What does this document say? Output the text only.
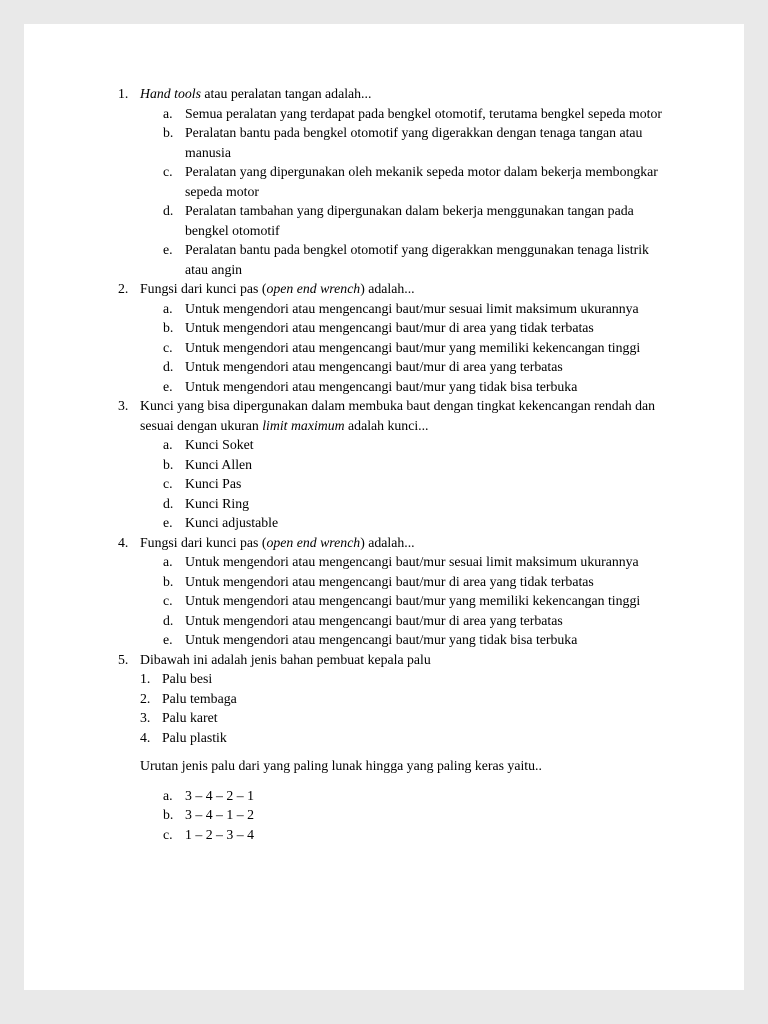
1. Hand tools atau peralatan tangan adalah...
a. Semua peralatan yang terdapat pada bengkel otomotif, terutama bengkel sepeda motor
b. Peralatan bantu pada bengkel otomotif yang digerakkan dengan tenaga tangan atau manusia
c. Peralatan yang dipergunakan oleh mekanik sepeda motor dalam bekerja membongkar sepeda motor
d. Peralatan tambahan yang dipergunakan dalam bekerja menggunakan tangan pada bengkel otomotif
e. Peralatan bantu pada bengkel otomotif yang digerakkan menggunakan tenaga listrik atau angin
2. Fungsi dari kunci pas (open end wrench) adalah...
a. Untuk mengendori atau mengencangi baut/mur sesuai limit maksimum ukurannya
b. Untuk mengendori atau mengencangi baut/mur di area yang tidak terbatas
c. Untuk mengendori atau mengencangi baut/mur yang memiliki kekencangan tinggi
d. Untuk mengendori atau mengencangi baut/mur di area yang terbatas
e. Untuk mengendori atau mengencangi baut/mur yang tidak bisa terbuka
3. Kunci yang bisa dipergunakan dalam membuka baut dengan tingkat kekencangan rendah dan sesuai dengan ukuran limit maximum adalah kunci...
a. Kunci Soket
b. Kunci Allen
c. Kunci Pas
d. Kunci Ring
e. Kunci adjustable
4. Fungsi dari kunci pas (open end wrench) adalah...
a. Untuk mengendori atau mengencangi baut/mur sesuai limit maksimum ukurannya
b. Untuk mengendori atau mengencangi baut/mur di area yang tidak terbatas
c. Untuk mengendori atau mengencangi baut/mur yang memiliki kekencangan tinggi
d. Untuk mengendori atau mengencangi baut/mur di area yang terbatas
e. Untuk mengendori atau mengencangi baut/mur yang tidak bisa terbuka
5. Dibawah ini adalah jenis bahan pembuat kepala palu
1. Palu besi
2. Palu tembaga
3. Palu karet
4. Palu plastik
Urutan jenis palu dari yang paling lunak hingga yang paling keras yaitu..
a. 3 – 4 – 2 – 1
b. 3 – 4 – 1 – 2
c. 1 – 2 – 3 – 4
